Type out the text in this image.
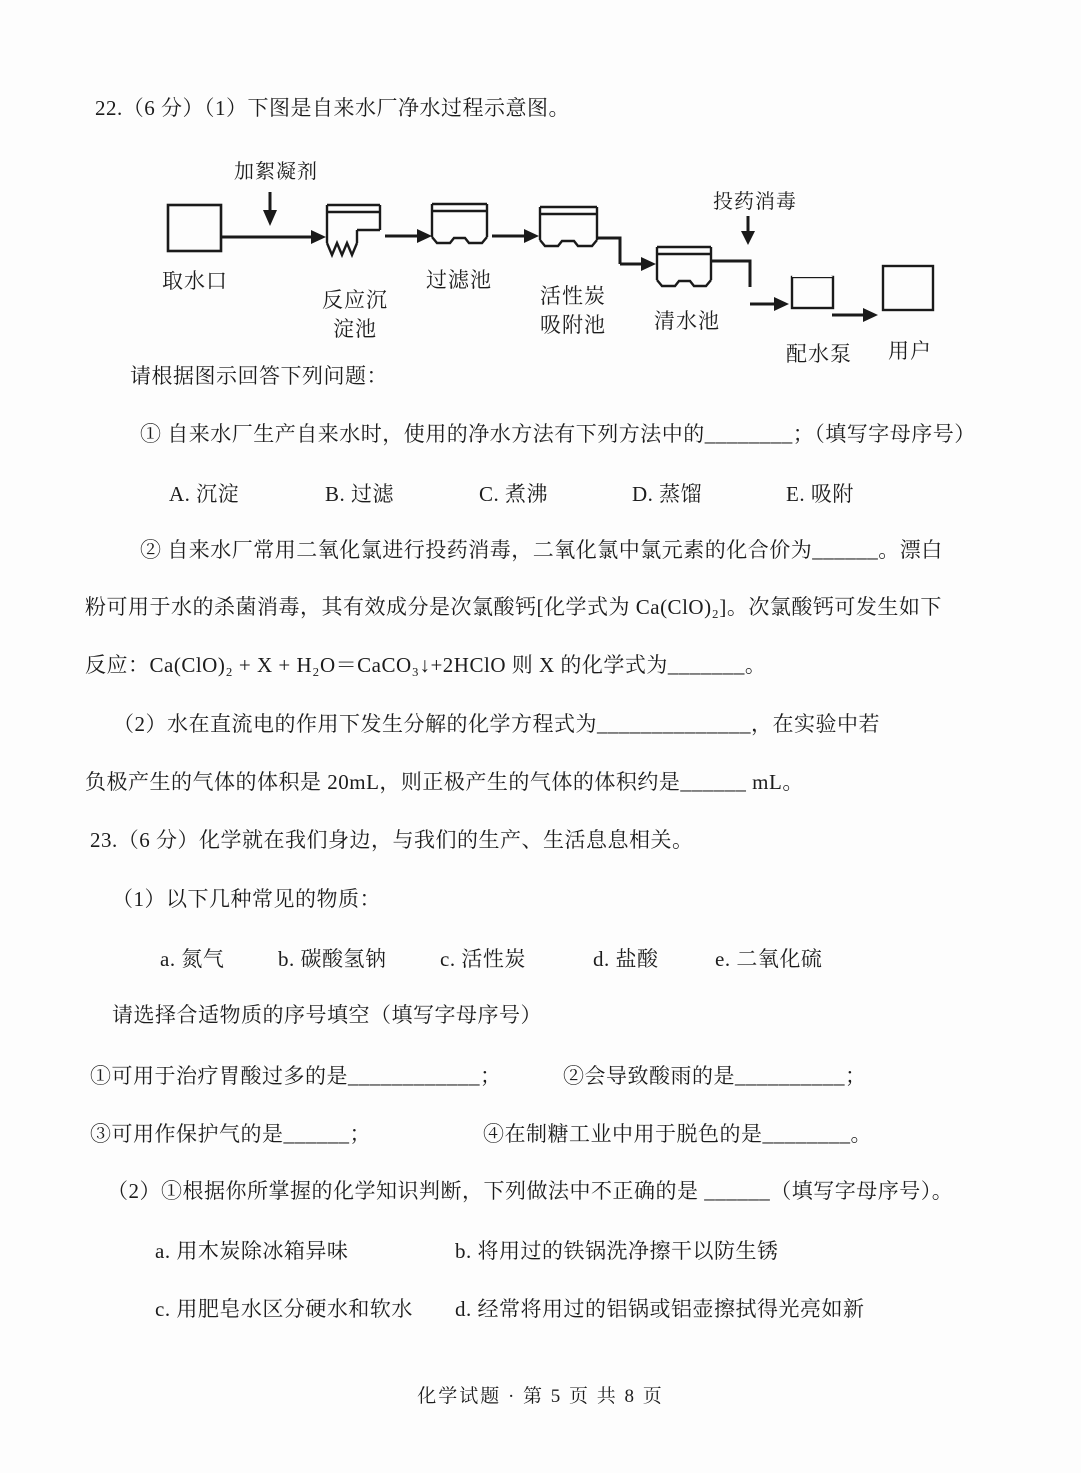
22.（6 分）（1）下图是自来水厂净水过程示意图。
加絮凝剂
取水口
反应沉
淀池
过滤池
活性炭
吸附池 清水池
投药消毒
配水泵 用户
请根据图示回答下列问题：
① 自来水厂生产自来水时，使用的净水方法有下列方法中的________；（填写字母序号）
A. 沉淀	B. 过滤	C. 煮沸	D. 蒸馏	E. 吸附
② 自来水厂常用二氧化氯进行投药消毒，二氧化氯中氯元素的化合价为______。漂白
粉可用于水的杀菌消毒，其有效成分是次氯酸钙[化学式为 Ca(ClO)₂]。次氯酸钙可发生如下
反应：Ca(ClO)₂ + X + H₂O＝CaCO₃↓+2HClO 则 X 的化学式为_______。
（2）水在直流电的作用下发生分解的化学方程式为______________，在实验中若
负极产生的气体的体积是 20mL，则正极产生的气体的体积约是______ mL。
23.（6 分）化学就在我们身边，与我们的生产、生活息息相关。
（1）以下几种常见的物质：
a. 氮气	b. 碳酸氢钠	c. 活性炭	d. 盐酸	e. 二氧化硫
请选择合适物质的序号填空（填写字母序号）
①可用于治疗胃酸过多的是____________；	②会导致酸雨的是__________；
③可用作保护气的是______；	④在制糖工业中用于脱色的是________。
（2）①根据你所掌握的化学知识判断，下列做法中不正确的是 ______（填写字母序号）。
a. 用木炭除冰箱异味	b. 将用过的铁锅洗净擦干以防生锈
c. 用肥皂水区分硬水和软水 d. 经常将用过的铝锅或铝壶擦拭得光亮如新
化学试题 · 第 5 页 共 8 页
